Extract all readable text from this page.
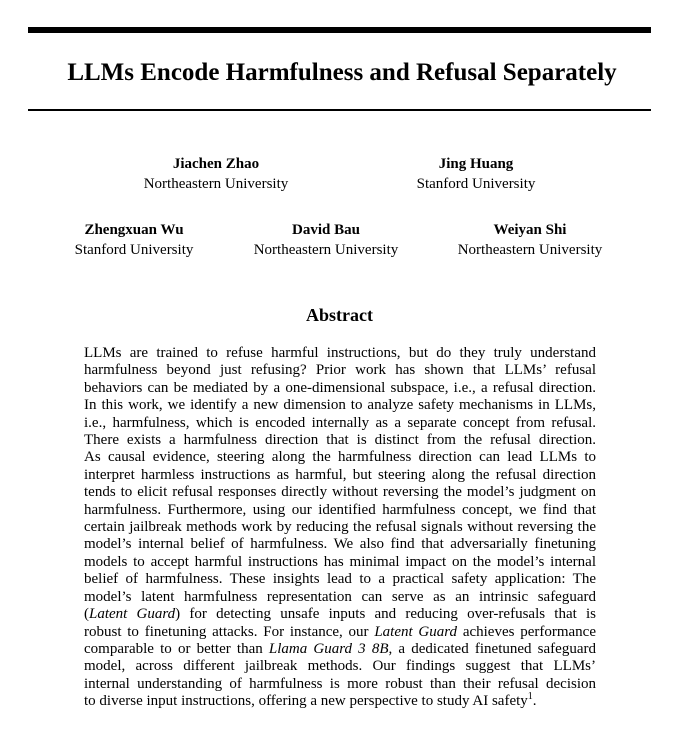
LLMs Encode Harmfulness and Refusal Separately
Jiachen Zhao
Northeastern University
Jing Huang
Stanford University
Zhengxuan Wu
Stanford University
David Bau
Northeastern University
Weiyan Shi
Northeastern University
Abstract
LLMs are trained to refuse harmful instructions, but do they truly understand
harmfulness beyond just refusing? Prior work has shown that LLMs’ refusal
behaviors can be mediated by a one-dimensional subspace, i.e., a refusal direction.
In this work, we identify a new dimension to analyze safety mechanisms in LLMs,
i.e., harmfulness, which is encoded internally as a separate concept from refusal.
There exists a harmfulness direction that is distinct from the refusal direction.
As causal evidence, steering along the harmfulness direction can lead LLMs to
interpret harmless instructions as harmful, but steering along the refusal direction
tends to elicit refusal responses directly without reversing the model’s judgment on
harmfulness. Furthermore, using our identified harmfulness concept, we find that
certain jailbreak methods work by reducing the refusal signals without reversing the
model’s internal belief of harmfulness. We also find that adversarially finetuning
models to accept harmful instructions has minimal impact on the model’s internal
belief of harmfulness. These insights lead to a practical safety application: The
model’s latent harmfulness representation can serve as an intrinsic safeguard
(Latent Guard) for detecting unsafe inputs and reducing over-refusals that is
robust to finetuning attacks. For instance, our Latent Guard achieves performance
comparable to or better than Llama Guard 3 8B, a dedicated finetuned safeguard
model, across different jailbreak methods. Our findings suggest that LLMs’
internal understanding of harmfulness is more robust than their refusal decision
to diverse input instructions, offering a new perspective to study AI safety$^1$.
